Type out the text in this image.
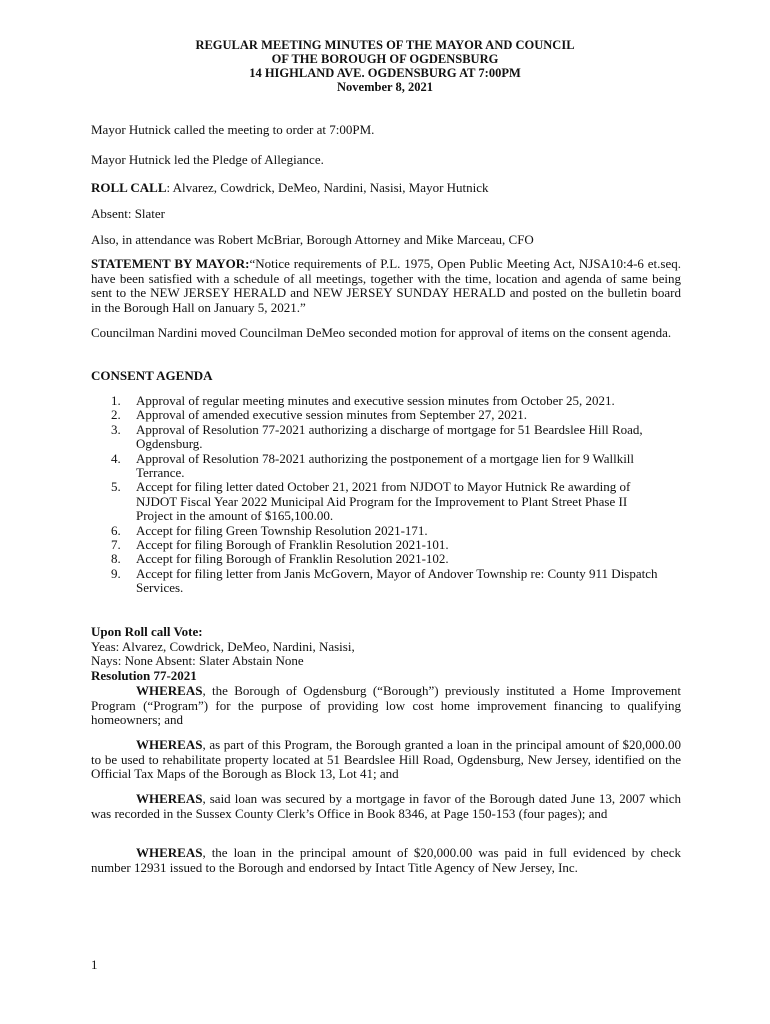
REGULAR MEETING MINUTES OF THE MAYOR AND COUNCIL
OF THE BOROUGH OF OGDENSBURG
14 HIGHLAND AVE. OGDENSBURG AT 7:00PM
November 8, 2021

Mayor Hutnick called the meeting to order at 7:00PM.

Mayor Hutnick led the Pledge of Allegiance.

ROLL CALL: Alvarez, Cowdrick, DeMeo, Nardini, Nasisi, Mayor Hutnick

Absent: Slater

Also, in attendance was Robert McBriar, Borough Attorney and Mike Marceau, CFO

STATEMENT BY MAYOR:“Notice requirements of P.L. 1975, Open Public Meeting Act, NJSA10:4-6 et.seq. have been satisfied with a schedule of all meetings, together with the time, location and agenda of same being sent to the NEW JERSEY HERALD and NEW JERSEY SUNDAY HERALD and posted on the bulletin board in the Borough Hall on January 5, 2021.”

Councilman Nardini moved Councilman DeMeo seconded motion for approval of items on the consent agenda.

CONSENT AGENDA

1. Approval of regular meeting minutes and executive session minutes from October 25, 2021.
2. Approval of amended executive session minutes from September 27, 2021.
3. Approval of Resolution 77-2021 authorizing a discharge of mortgage for 51 Beardslee Hill Road, Ogdensburg.
4. Approval of Resolution 78-2021 authorizing the postponement of a mortgage lien for 9 Wallkill Terrance.
5. Accept for filing letter dated October 21, 2021 from NJDOT to Mayor Hutnick Re awarding of NJDOT Fiscal Year 2022 Municipal Aid Program for the Improvement to Plant Street Phase II Project in the amount of $165,100.00.
6. Accept for filing Green Township Resolution 2021-171.
7. Accept for filing Borough of Franklin Resolution 2021-101.
8. Accept for filing Borough of Franklin Resolution 2021-102.
9. Accept for filing letter from Janis McGovern, Mayor of Andover Township re: County 911 Dispatch Services.
Upon Roll call Vote:
Yeas: Alvarez, Cowdrick, DeMeo, Nardini, Nasisi,
Nays: None Absent: Slater Abstain None
Resolution 77-2021

WHEREAS, the Borough of Ogdensburg (“Borough”) previously instituted a Home Improvement Program (“Program”) for the purpose of providing low cost home improvement financing to qualifying homeowners; and

WHEREAS, as part of this Program, the Borough granted a loan in the principal amount of $20,000.00 to be used to rehabilitate property located at 51 Beardslee Hill Road, Ogdensburg, New Jersey, identified on the Official Tax Maps of the Borough as Block 13, Lot 41; and

WHEREAS, said loan was secured by a mortgage in favor of the Borough dated June 13, 2007 which was recorded in the Sussex County Clerk’s Office in Book 8346, at Page 150-153 (four pages); and

WHEREAS, the loan in the principal amount of $20,000.00 was paid in full evidenced by check number 12931 issued to the Borough and endorsed by Intact Title Agency of New Jersey, Inc.

1
